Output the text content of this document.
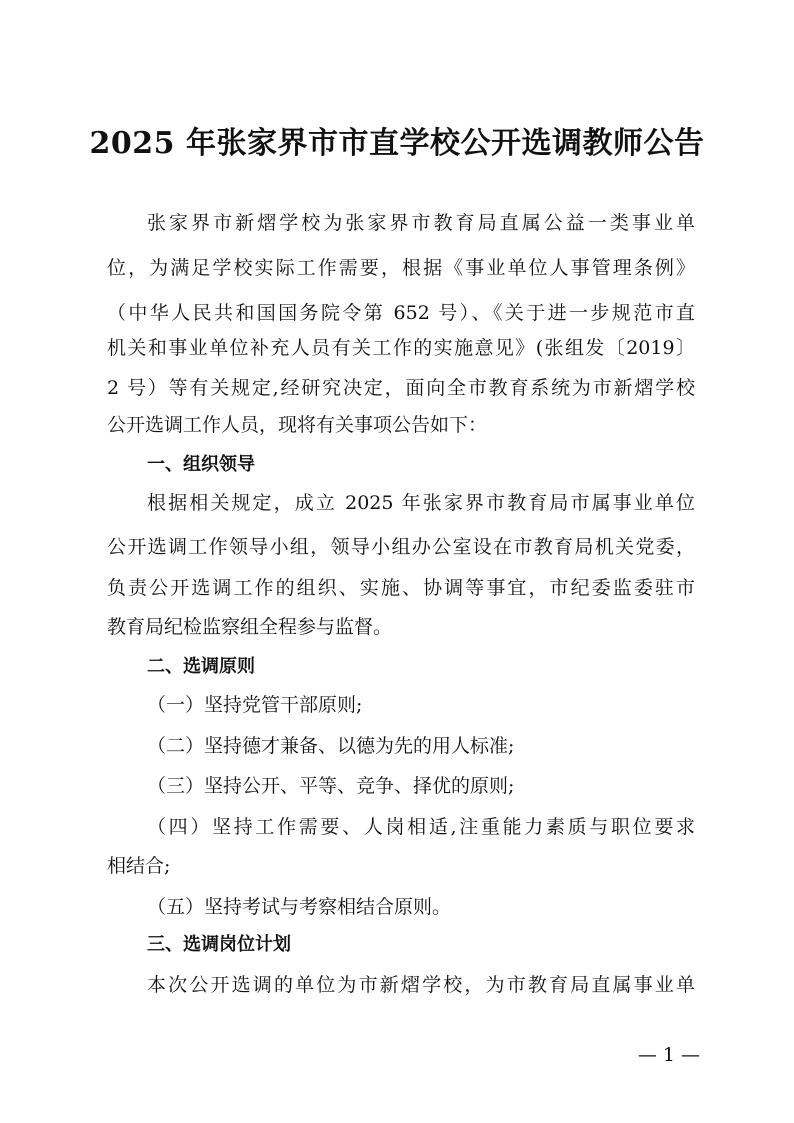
2025 年张家界市市直学校公开选调教师公告
张家界市新熠学校为张家界市教育局直属公益一类事业单
位，为满足学校实际工作需要，根据《事业单位人事管理条例》
（中华人民共和国国务院令第 652 号）、《关于进一步规范市直
机关和事业单位补充人员有关工作的实施意见》(张组发〔2019〕
2 号）等有关规定,经研究决定，面向全市教育系统为市新熠学校
公开选调工作人员，现将有关事项公告如下：
一、组织领导
根据相关规定，成立 2025 年张家界市教育局市属事业单位
公开选调工作领导小组，领导小组办公室设在市教育局机关党委，
负责公开选调工作的组织、实施、协调等事宜，市纪委监委驻市
教育局纪检监察组全程参与监督。
二、选调原则
（一）坚持党管干部原则;
（二）坚持德才兼备、以德为先的用人标准;
（三）坚持公开、平等、竞争、择优的原则;
（四）坚持工作需要、人岗相适,注重能力素质与职位要求
相结合;
（五）坚持考试与考察相结合原则。
三、选调岗位计划
本次公开选调的单位为市新熠学校，为市教育局直属事业单
— 1 —
